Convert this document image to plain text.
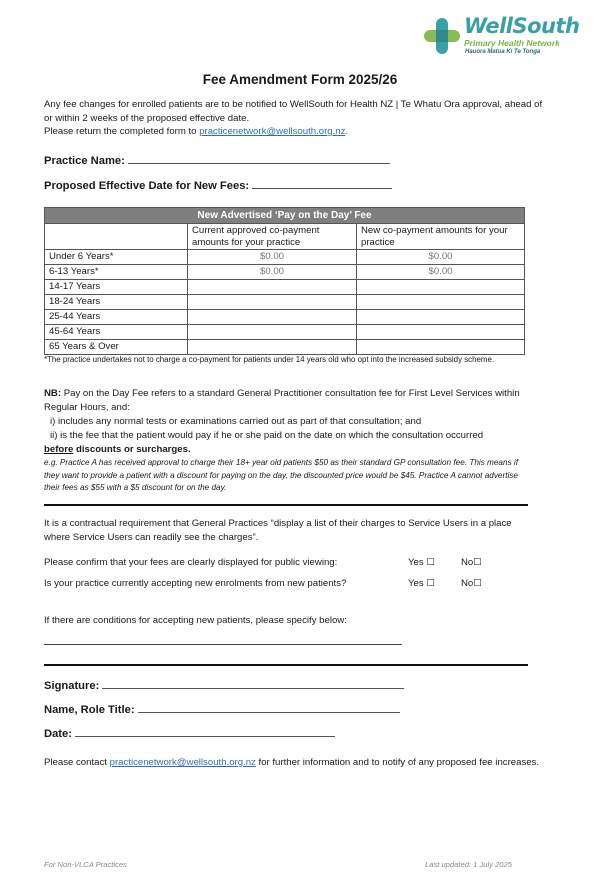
WellSouth
Primary Health Network
Hauora Matua Ki Te Tonga
Fee Amendment Form 2025/26
Any fee changes for enrolled patients are to be notified to WellSouth for Health NZ | Te Whatu Ora approval, ahead of or within 2 weeks of the proposed effective date.
Please return the completed form to practicenetwork@wellsouth.org.nz.
Practice Name:
Proposed Effective Date for New Fees:
New Advertised ‘Pay on the Day’ Fee		
	Current approved co-payment amounts for your practice	New co-payment amounts for your practice
Under 6 Years*	$0.00	$0.00
6-13 Years*	$0.00	$0.00
14-17 Years		
18-24 Years		
25-44 Years		
45-64 Years		
65 Years & Over		
*The practice undertakes not to charge a co-payment for patients under 14 years old who opt into the increased subsidy scheme.
NB: Pay on the Day Fee refers to a standard General Practitioner consultation fee for First Level Services within Regular Hours, and:
i) includes any normal tests or examinations carried out as part of that consultation; and
ii) is the fee that the patient would pay if he or she paid on the date on which the consultation occurred
before discounts or surcharges.
e.g. Practice A has received approval to charge their 18+ year old patients $50 as their standard GP consultation fee. This means if they want to provide a patient with a discount for paying on the day, the discounted price would be $45. Practice A cannot advertise their fees as $55 with a $5 discount for on the day.
It is a contractual requirement that General Practices “display a list of their charges to Service Users in a place where Service Users can readily see the charges”.
Please confirm that your fees are clearly displayed for public viewing:	Yes ☐	No☐
Is your practice currently accepting new enrolments from new patients?	Yes ☐	No☐
If there are conditions for accepting new patients, please specify below:
Signature:
Name, Role Title:
Date:
Please contact practicenetwork@wellsouth.org.nz for further information and to notify of any proposed fee increases.
For Non-VLCA Practices	Last updated: 1 July 2025
